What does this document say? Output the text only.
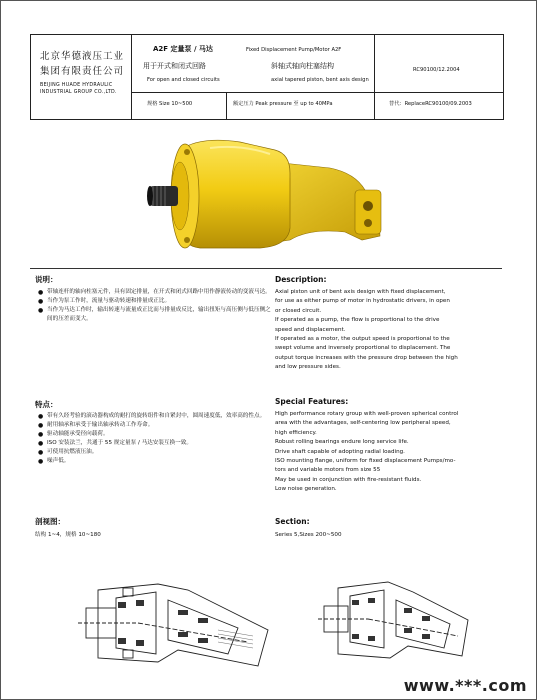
北京华德液压工业
集团有限责任公司
BEIJING HUADE HYDRAULIC
INDUSTRIAL GROUP CO.,LTD.
A2F 定量泵 / 马达	Fixed Displacement Pump/Motor A2F
用于开式和闭式回路	斜轴式轴向柱塞结构
For open and closed circuits	axial tapered piston, bent axis design
RC90100/12.2004
规格 Size 10~500	额定压力 Peak pressure 至 up to 40MPa	替代：ReplaceRC90100/09.2003
说明：
● 带轴连杆的轴向柱塞元件，具有固定排量，在开式和闭式回路中用作静液传动的变液马达。
● 当作为泵工作时，流量与驱动转速和排量成正比。
● 当作为马达工作时，输出转速与流量成正比而与排量成反比，输出扭矩与高压侧与低压侧之间的压差而变大。
Description:
Axial piston unit of bent axis design with fixed displacement,
for use as either pump of motor in hydrostatic drivers, in open
or closed circuit.
If operated as a pump, the flow is proportional to the drive
speed and displacement.
If operated as a motor, the output speed is proportional to the
swept volume and inversely proportional to displacement. The
output torque increases with the pressure drop between the high
and low pressure sides.
特点：
● 带有久经考验的滚动器构成的耐打的旋转组件和自紧封中，圆周速度低，效率高的性点。
● 耐用轴承和承受于输出轴承转动工作寿命。
● 驱动轴能承受径向载荷。
● ISO 安装法兰，共通于 55 规定量泵 / 马达安装互换一致。
● 可使用抗燃液压油。
● 噪声低。
Special Features:
High performance rotary group with well-proven spherical control
area with the advantages, self-centering low peripheral speed,
high efficiency.
Robust rolling bearings endure long service life.
Drive shaft capable of adopting radial loading.
ISO mounting flange, uniform for fixed displacement Pumps/mo-
tors and variable motors from size 55
May be used in conjunction with fire-resistant fluids.
Low noise generation.
剖视图：
结构 1~4，规格 10~180
Section:
Series 5,Sizes 200~500
www.***.com
